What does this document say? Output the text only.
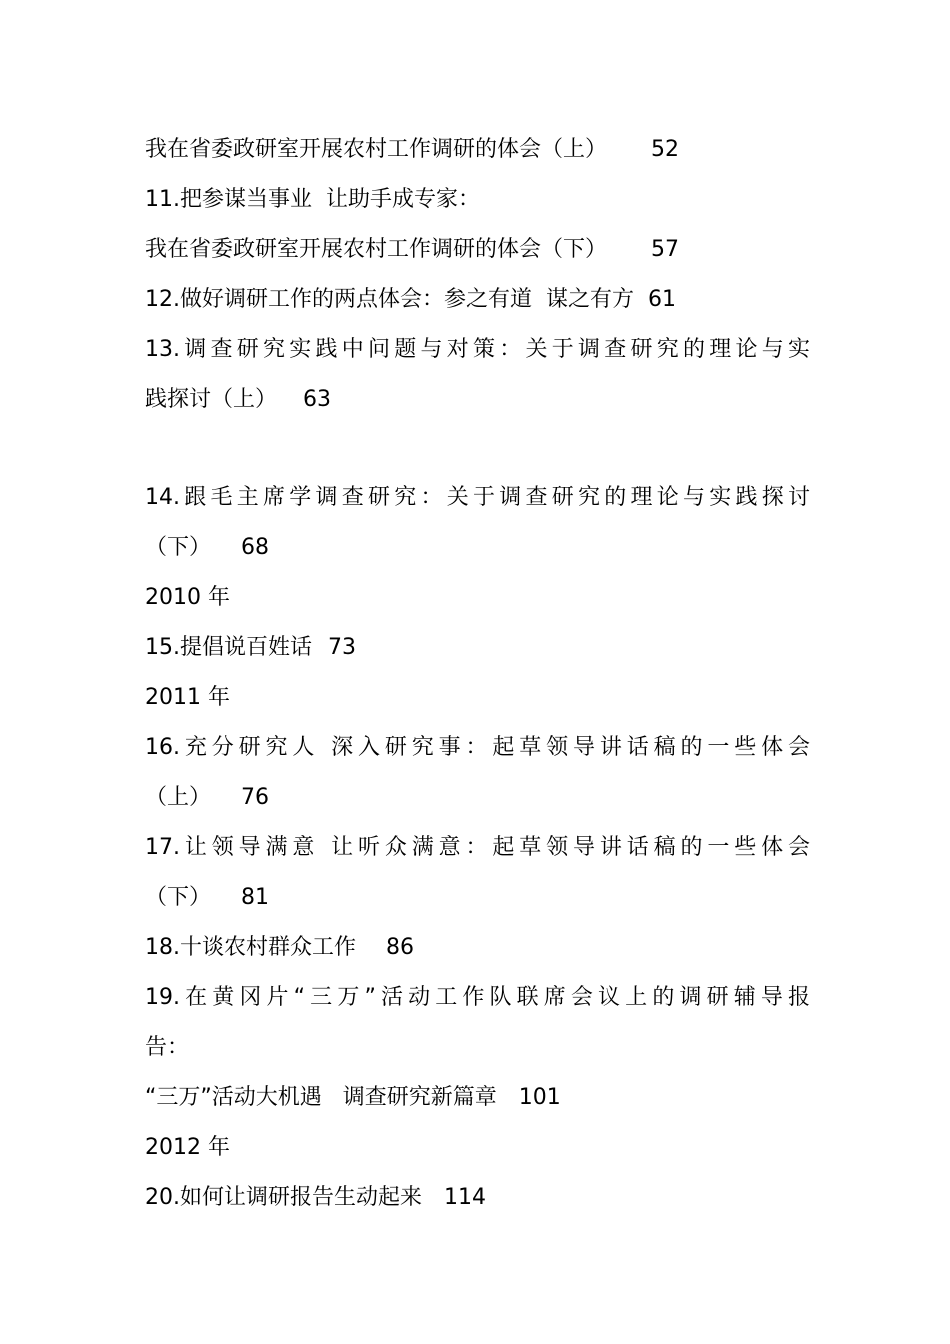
我在省委政研室开展农村工作调研的体会（上） 52
11.把参谋当事业  让助手成专家：
我在省委政研室开展农村工作调研的体会（下） 57
12.做好调研工作的两点体会：参之有道  谋之有方 61
13.调查研究实践中问题与对策：关于调查研究的理论与实
践探讨（上） 63
14.跟毛主席学调查研究：关于调查研究的理论与实践探讨
（下） 68
2010 年
15.提倡说百姓话 73
2011 年
16.充分研究人 深入研究事：起草领导讲话稿的一些体会
（上） 76
17.让领导满意 让听众满意：起草领导讲话稿的一些体会
（下） 81
18.十谈农村群众工作 86
19.在黄冈片“三万”活动工作队联席会议上的调研辅导报
告：
“三万”活动大机遇   调查研究新篇章 101
2012 年
20.如何让调研报告生动起来 114
